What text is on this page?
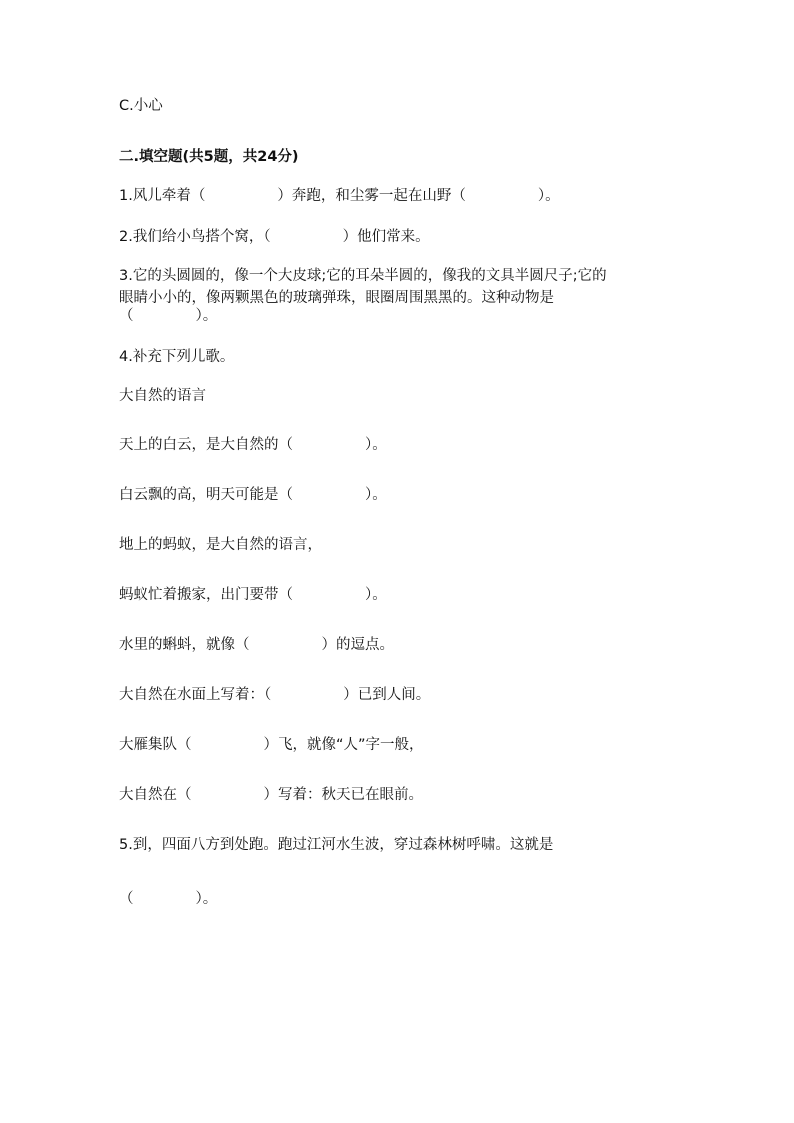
C.小心
二.填空题(共5题，共24分)
1.风儿牵着（	）奔跑，和尘雾一起在山野（	）。
2.我们给小鸟搭个窝，（	）他们常来。
3.它的头圆圆的，像一个大皮球;它的耳朵半圆的，像我的文具半圆尺子;它的
眼睛小小的，像两颗黑色的玻璃弹珠，眼圈周围黑黑的。这种动物是
（	）。
4.补充下列儿歌。
大自然的语言
天上的白云，是大自然的（	）。
白云飘的高，明天可能是（	）。
地上的蚂蚁，是大自然的语言，
蚂蚁忙着搬家，出门要带（	）。
水里的蝌蚪，就像（	）的逗点。
大自然在水面上写着：（	）已到人间。
大雁集队（	）飞，就像“人”字一般，
大自然在（	）写着：秋天已在眼前。
5.到，四面八方到处跑。跑过江河水生波，穿过森林树呼啸。这就是
（	）。
